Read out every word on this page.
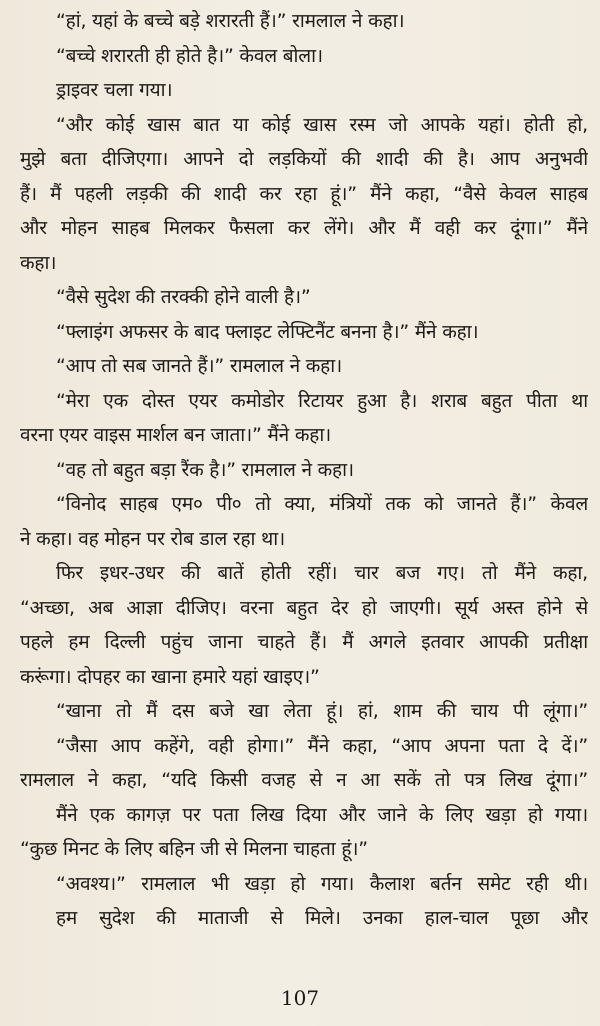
“हां, यहां के बच्चे बड़े शरारती हैं।” रामलाल ने कहा।
“बच्चे शरारती ही होते है।” केवल बोला।
ड्राइवर चला गया।
“और कोई खास बात या कोई खास रस्म जो आपके यहां। होती हो,
मुझे बता दीजिएगा। आपने दो लड़कियों की शादी की है। आप अनुभवी
हैं। मैं पहली लड़की की शादी कर रहा हूं।” मैंने कहा, “वैसे केवल साहब
और मोहन साहब मिलकर फैसला कर लेंगे। और मैं वही कर दूंगा।” मैंने
कहा।
“वैसे सुदेश की तरक्की होने वाली है।”
“फ्लाइंग अफसर के बाद फ्लाइट लेफ्टिनैंट बनना है।” मैंने कहा।
“आप तो सब जानते हैं।” रामलाल ने कहा।
“मेरा एक दोस्त एयर कमोडोर रिटायर हुआ है। शराब बहुत पीता था
वरना एयर वाइस मार्शल बन जाता।” मैंने कहा।
“वह तो बहुत बड़ा रैंक है।” रामलाल ने कहा।
“विनोद साहब एम० पी० तो क्या, मंत्रियों तक को जानते हैं।” केवल
ने कहा। वह मोहन पर रोब डाल रहा था।
फिर इधर-उधर की बातें होती रहीं। चार बज गए। तो मैंने कहा,
“अच्छा, अब आज्ञा दीजिए। वरना बहुत देर हो जाएगी। सूर्य अस्त होने से
पहले हम दिल्ली पहुंच जाना चाहते हैं। मैं अगले इतवार आपकी प्रतीक्षा
करूंगा। दोपहर का खाना हमारे यहां खाइए।”
“खाना तो मैं दस बजे खा लेता हूं। हां, शाम की चाय पी लूंगा।”
“जैसा आप कहेंगे, वही होगा।” मैंने कहा, “आप अपना पता दे दें।”
रामलाल ने कहा, “यदि किसी वजह से न आ सकें तो पत्र लिख दूंगा।”
मैंने एक कागज़ पर पता लिख दिया और जाने के लिए खड़ा हो गया।
“कुछ मिनट के लिए बहिन जी से मिलना चाहता हूं।”
“अवश्य।” रामलाल भी खड़ा हो गया। कैलाश बर्तन समेट रही थी।
हम सुदेश की माताजी से मिले। उनका हाल-चाल पूछा और
107
